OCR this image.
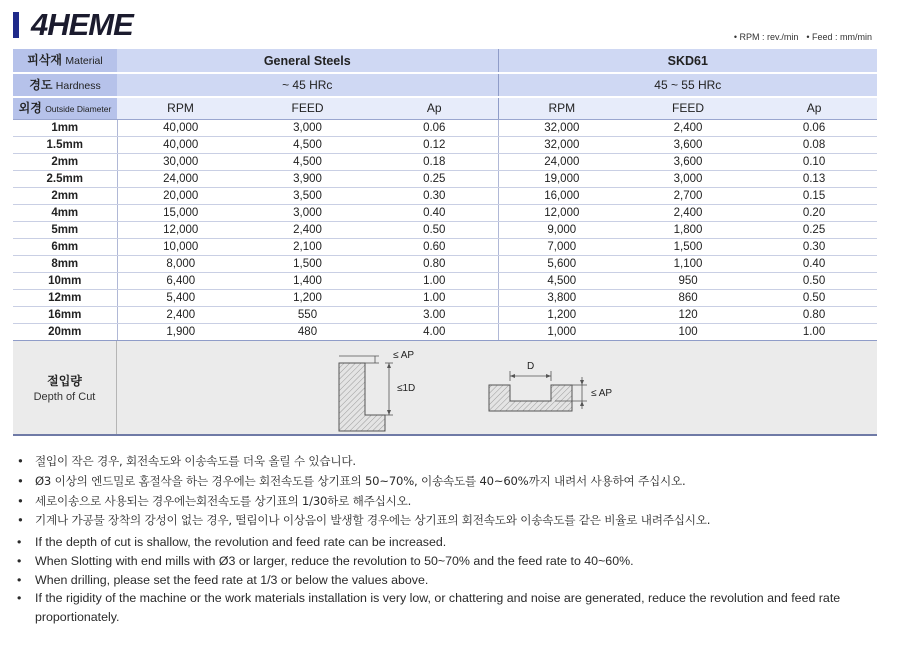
4HEME	• RPM : rev./min	• Feed : mm/min
피삭재 Material	General Steels			SKD61		
경도 Hardness	~ 45 HRc			45 ~ 55 HRc		
외경 Outside Diameter	RPM	FEED	Ap	RPM	FEED	Ap
1mm	40,000	3,000	0.06	32,000	2,400	0.06
1.5mm	40,000	4,500	0.12	32,000	3,600	0.08
2mm	30,000	4,500	0.18	24,000	3,600	0.10
2.5mm	24,000	3,900	0.25	19,000	3,000	0.13
2mm	20,000	3,500	0.30	16,000	2,700	0.15
4mm	15,000	3,000	0.40	12,000	2,400	0.20
5mm	12,000	2,400	0.50	9,000	1,800	0.25
6mm	10,000	2,100	0.60	7,000	1,500	0.30
8mm	8,000	1,500	0.80	5,600	1,100	0.40
10mm	6,400	1,400	1.00	4,500	950	0.50
12mm	5,400	1,200	1.00	3,800	860	0.50
16mm	2,400	550	3.00	1,200	120	0.80
20mm	1,900	480	4.00	1,000	100	1.00
절입량
Depth of Cut
≤ AP
≤1D
D
≤ AP
• 절입이 작은 경우, 회전속도와 이송속도를 더욱 올릴 수 있습니다.
• Ø3 이상의 엔드밀로 홈절삭을 하는 경우에는 회전속도를 상기표의 50~70%, 이송속도를 40~60%까지 내려서 사용하여 주십시오.
• 세로이송으로 사용되는 경우에는회전속도를 상기표의 1/30하로 해주십시오.
• 기계나 가공물 장착의 강성이 없는 경우, 떨림이나 이상음이 발생할 경우에는 상기표의 회전속도와 이송속도를 같은 비율로 내려주십시오.
• If the depth of cut is shallow, the revolution and feed rate can be increased.
• When Slotting with end mills with Ø3 or larger, reduce the revolution to 50~70% and the feed rate to 40~60%.
• When drilling, please set the feed rate at 1/3 or below the values above.
• If the rigidity of the machine or the work materials installation is very low, or chattering and noise are generated, reduce the revolution and feed rate proportionately.
